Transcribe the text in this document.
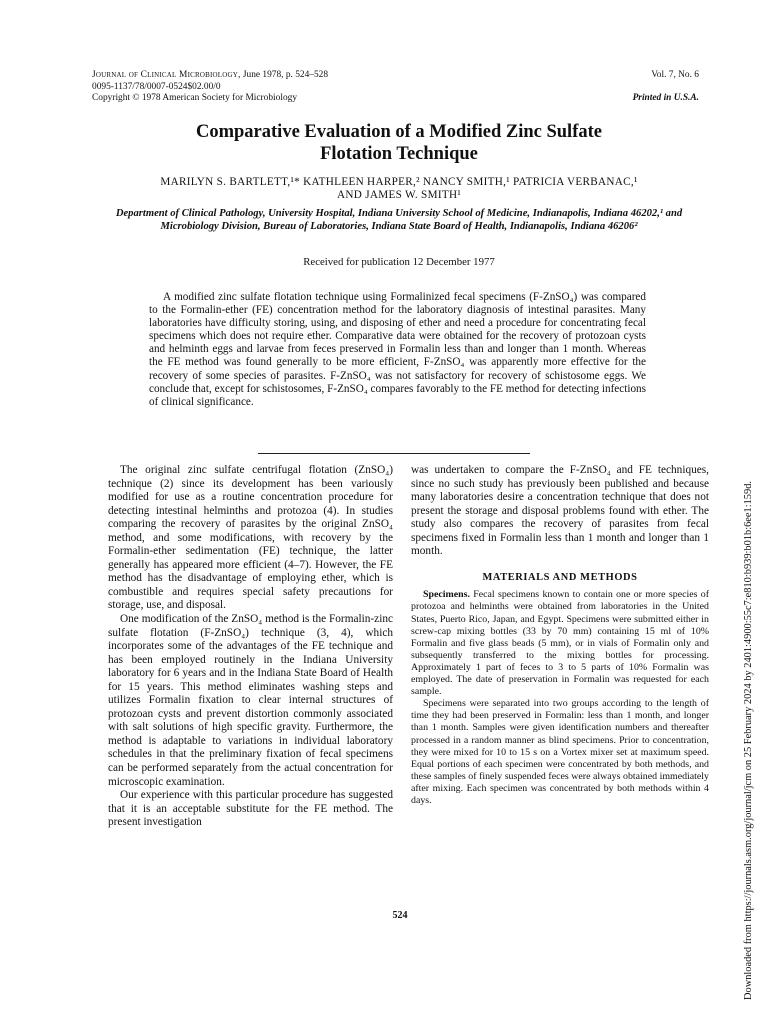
Journal of Clinical Microbiology, June 1978, p. 524–528
0095-1137/78/0007-0524$02.00/0
Copyright © 1978 American Society for Microbiology
Vol. 7, No. 6
Printed in U.S.A.
Comparative Evaluation of a Modified Zinc Sulfate
Flotation Technique
MARILYN S. BARTLETT,¹* KATHLEEN HARPER,² NANCY SMITH,¹ PATRICIA VERBANAC,¹
AND JAMES W. SMITH¹
Department of Clinical Pathology, University Hospital, Indiana University School of Medicine, Indianapolis, Indiana 46202,¹ and Microbiology Division, Bureau of Laboratories, Indiana State Board of Health, Indianapolis, Indiana 46206²
Received for publication 12 December 1977
A modified zinc sulfate flotation technique using Formalinized fecal specimens (F-ZnSO₄) was compared to the Formalin-ether (FE) concentration method for the laboratory diagnosis of intestinal parasites. Many laboratories have difficulty storing, using, and disposing of ether and need a procedure for concentrating fecal specimens which does not require ether. Comparative data were obtained for the recovery of protozoan cysts and helminth eggs and larvae from feces preserved in Formalin less than and longer than 1 month. Whereas the FE method was found generally to be more efficient, F-ZnSO₄ was apparently more effective for the recovery of some species of parasites. F-ZnSO₄ was not satisfactory for recovery of schistosome eggs. We conclude that, except for schistosomes, F-ZnSO₄ compares favorably to the FE method for detecting infections of clinical significance.

The original zinc sulfate centrifugal flotation (ZnSO₄) technique (2) since its development has been variously modified for use as a routine concentration procedure for detecting intestinal helminths and protozoa (4). In studies comparing the recovery of parasites by the original ZnSO₄ method, and some modifications, with recovery by the Formalin-ether sedimentation (FE) technique, the latter generally has appeared more efficient (4–7). However, the FE method has the disadvantage of employing ether, which is combustible and requires special safety precautions for storage, use, and disposal.

One modification of the ZnSO₄ method is the Formalin-zinc sulfate flotation (F-ZnSO₄) technique (3, 4), which incorporates some of the advantages of the FE technique and has been employed routinely in the Indiana University laboratory for 6 years and in the Indiana State Board of Health for 15 years. This method eliminates washing steps and utilizes Formalin fixation to clear internal structures of protozoan cysts and prevent distortion commonly associated with salt solutions of high specific gravity. Furthermore, the method is adaptable to variations in individual laboratory schedules in that the preliminary fixation of fecal specimens can be performed separately from the actual concentration for microscopic examination.

Our experience with this particular procedure has suggested that it is an acceptable substitute for the FE method. The present investigation

was undertaken to compare the F-ZnSO₄ and FE techniques, since no such study has previously been published and because many laboratories desire a concentration technique that does not present the storage and disposal problems found with ether. The study also compares the recovery of parasites from fecal specimens fixed in Formalin less than 1 month and longer than 1 month.

MATERIALS AND METHODS

Specimens. Fecal specimens known to contain one or more species of protozoa and helminths were obtained from laboratories in the United States, Puerto Rico, Japan, and Egypt. Specimens were submitted either in screw-cap mixing bottles (33 by 70 mm) containing 15 ml of 10% Formalin and five glass beads (5 mm), or in vials of Formalin only and subsequently transferred to the mixing bottles for processing. Approximately 1 part of feces to 3 to 5 parts of 10% Formalin was employed. The date of preservation in Formalin was requested for each sample.

Specimens were separated into two groups according to the length of time they had been preserved in Formalin: less than 1 month, and longer than 1 month. Samples were given identification numbers and thereafter processed in a random manner as blind specimens. Prior to concentration, they were mixed for 10 to 15 s on a Vortex mixer set at maximum speed. Equal portions of each specimen were concentrated by both methods, and these samples of finely suspended feces were always obtained immediately after mixing. Each specimen was concentrated by both methods within 4 days.

524	Downloaded from https://journals.asm.org/journal/jcm on 25 February 2024 by 2401:4900:55c7:e810:b939:b01b:6ee1:159d.
